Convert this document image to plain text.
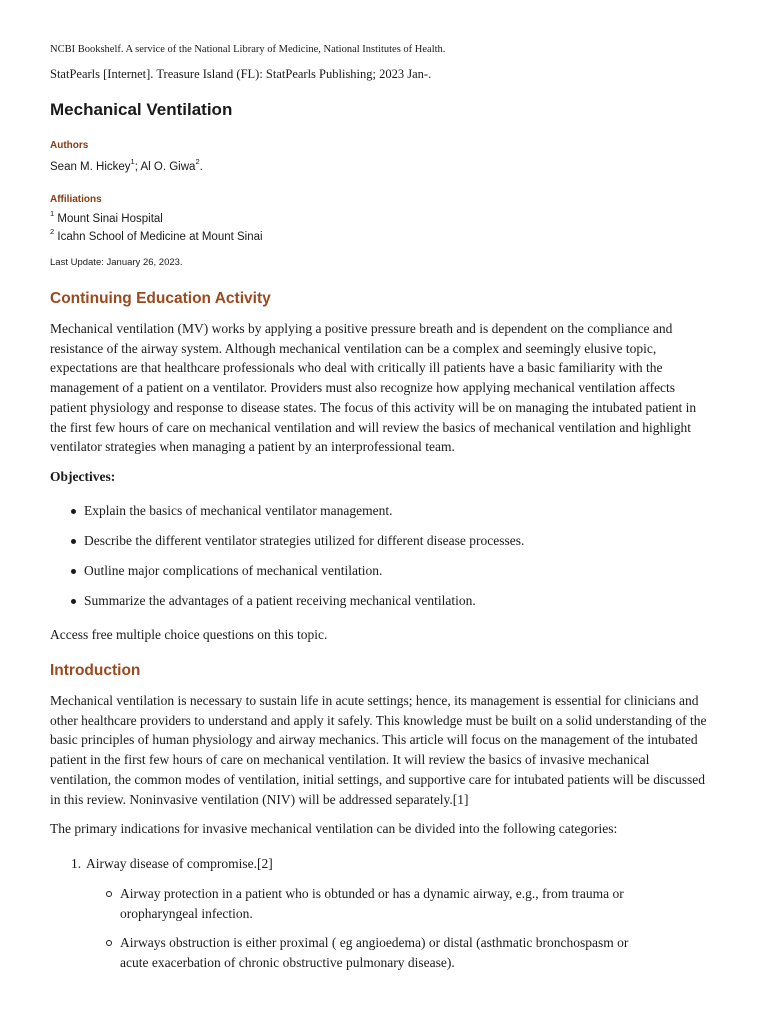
NCBI Bookshelf. A service of the National Library of Medicine, National Institutes of Health.
StatPearls [Internet]. Treasure Island (FL): StatPearls Publishing; 2023 Jan-.
Mechanical Ventilation
Authors
Sean M. Hickey$^1$; Al O. Giwa$^2$.
Affiliations
$^1$ Mount Sinai Hospital
$^2$ Icahn School of Medicine at Mount Sinai
Last Update: January 26, 2023.
Continuing Education Activity

Mechanical ventilation (MV) works by applying a positive pressure breath and is dependent on the compliance and resistance of the airway system. Although mechanical ventilation can be a complex and seemingly elusive topic, expectations are that healthcare professionals who deal with critically ill patients have a basic familiarity with the management of a patient on a ventilator. Providers must also recognize how applying mechanical ventilation affects patient physiology and response to disease states. The focus of this activity will be on managing the intubated patient in the first few hours of care on mechanical ventilation and will review the basics of mechanical ventilation and highlight ventilator strategies when managing a patient by an interprofessional team.

Objectives:
Explain the basics of mechanical ventilator management.
Describe the different ventilator strategies utilized for different disease processes.
Outline major complications of mechanical ventilation.
Summarize the advantages of a patient receiving mechanical ventilation.
Access free multiple choice questions on this topic.
Introduction

Mechanical ventilation is necessary to sustain life in acute settings; hence, its management is essential for clinicians and other healthcare providers to understand and apply it safely. This knowledge must be built on a solid understanding of the basic principles of human physiology and airway mechanics. This article will focus on the management of the intubated patient in the first few hours of care on mechanical ventilation. It will review the basics of invasive mechanical ventilation, the common modes of ventilation, initial settings, and supportive care for intubated patients will be discussed in this review. Noninvasive ventilation (NIV) will be addressed separately.[1]

The primary indications for invasive mechanical ventilation can be divided into the following categories:

1. Airway disease of compromise.[2]
Airway protection in a patient who is obtunded or has a dynamic airway, e.g., from trauma or oropharyngeal infection.
Airways obstruction is either proximal ( eg angioedema) or distal (asthmatic bronchospasm or acute exacerbation of chronic obstructive pulmonary disease).
